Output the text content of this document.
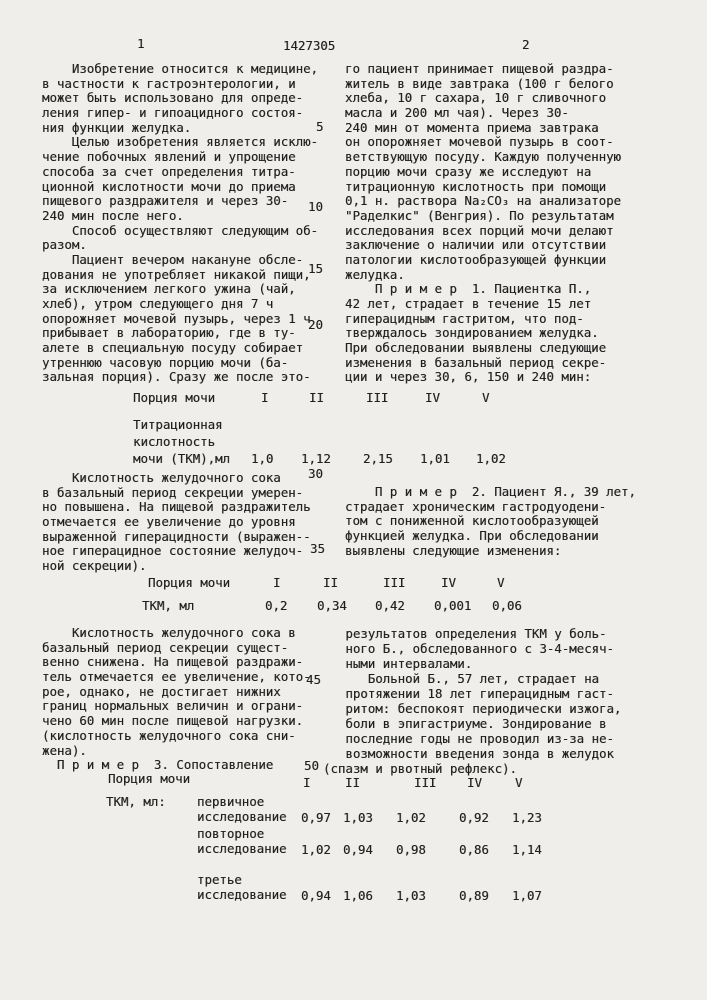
1	1427305	2
Изобретение относится к медицине,
в частности к гастроэнтерологии, и
может быть использовано для опреде-
ления гипер- и гипоацидного состоя-
ния функции желудка.
Целью изобретения является исклю-
чение побочных явлений и упрощение
способа за счет определения титра-
ционной кислотности мочи до приема
пищевого раздражителя и через 30-
240 мин после него.
Способ осуществляют следующим об-
разом.
Пациент вечером накануне обсле-
дования не употребляет никакой пищи,
за исключением легкого ужина (чай,
хлеб), утром следующего дня 7 ч
опорожняет мочевой пузырь, через 1 ч
прибывает в лабораторию, где в ту-
алете в специальную посуду собирает
утреннюю часовую порцию мочи (ба-
зальная порция). Сразу же после это-
Кислотность желудочного сока
в базальный период секреции умерен-
но повышена. На пищевой раздражитель
отмечается ее увеличение до уровня
выраженной гиперацидности (выражен--
ное гиперацидное состояние желудоч-
ной секреции).
Кислотность желудочного сока в
базальный период секреции сущест-
венно снижена. На пищевой раздражи-
тель отмечается ее увеличение, кото-
рое, однако, не достигает нижних
границ нормальных величин и ограни-
чено 60 мин после пищевой нагрузки.
(кислотность желудочного сока сни-
жена).
П р и м е р  3. Сопоставление
го пациент принимает пищевой раздра-
житель в виде завтрака (100 г белого
хлеба, 10 г сахара, 10 г сливочного
масла и 200 мл чая). Через 30-
240 мин от момента приема завтрака
он опорожняет мочевой пузырь в соот-
ветствующую посуду. Каждую полученную
порцию мочи сразу же исследуют на
титрационную кислотность при помощи
0,1 н. раствора Na₂CO₃ на анализаторе
"Раделкис" (Венгрия). По результатам
исследования всех порций мочи делают
заключение о наличии или отсутствии
патологии кислотообразующей функции
желудка.
П р и м е р  1. Пациентка П.,
42 лет, страдает в течение 15 лет
гиперацидным гастритом, что под-
тверждалось зондированием желудка.
При обследовании выявлены следующие
изменения в базальный период секре-
ции и через 30, 6, 150 и 240 мин:
П р и м е р  2. Пациент Я., 39 лет,
страдает хроническим гастродуодени-
том с пониженной кислотообразующей
функцией желудка. При обследовании
выявлены следующие изменения:
результатов определения ТКМ у боль-
ного Б., обследованного с 3-4-месяч-
ными интервалами.
Больной Б., 57 лет, страдает на
протяжении 18 лет гиперацидным гаст-
ритом: беспокоят периодически изжога,
боли в эпигастриуме. Зондирование в
последние годы не проводил из-за не-
возможности введения зонда в желудок
(спазм и рвотный рефлекс).
5
10
15
20
30
35
45
50
Порция мочи	I	II	III	IV	V
Титрационная
кислотность
мочи (ТКМ),мл 1,0 1,12	2,15 1,01 1,02
Порция мочи	I	II	III	IV	V
ТКМ, мл	0,2 0,34 0,42 0,001 0,06
Порция мочи	I	II	III IV	V
ТКМ, мл:	первичное
исследование 0,97 1,03 1,02	0,92 1,23
повторное
исследование 1,02 0,94 0,98	0,86 1,14
третье
исследование 0,94 1,06 1,03	0,89 1,07
